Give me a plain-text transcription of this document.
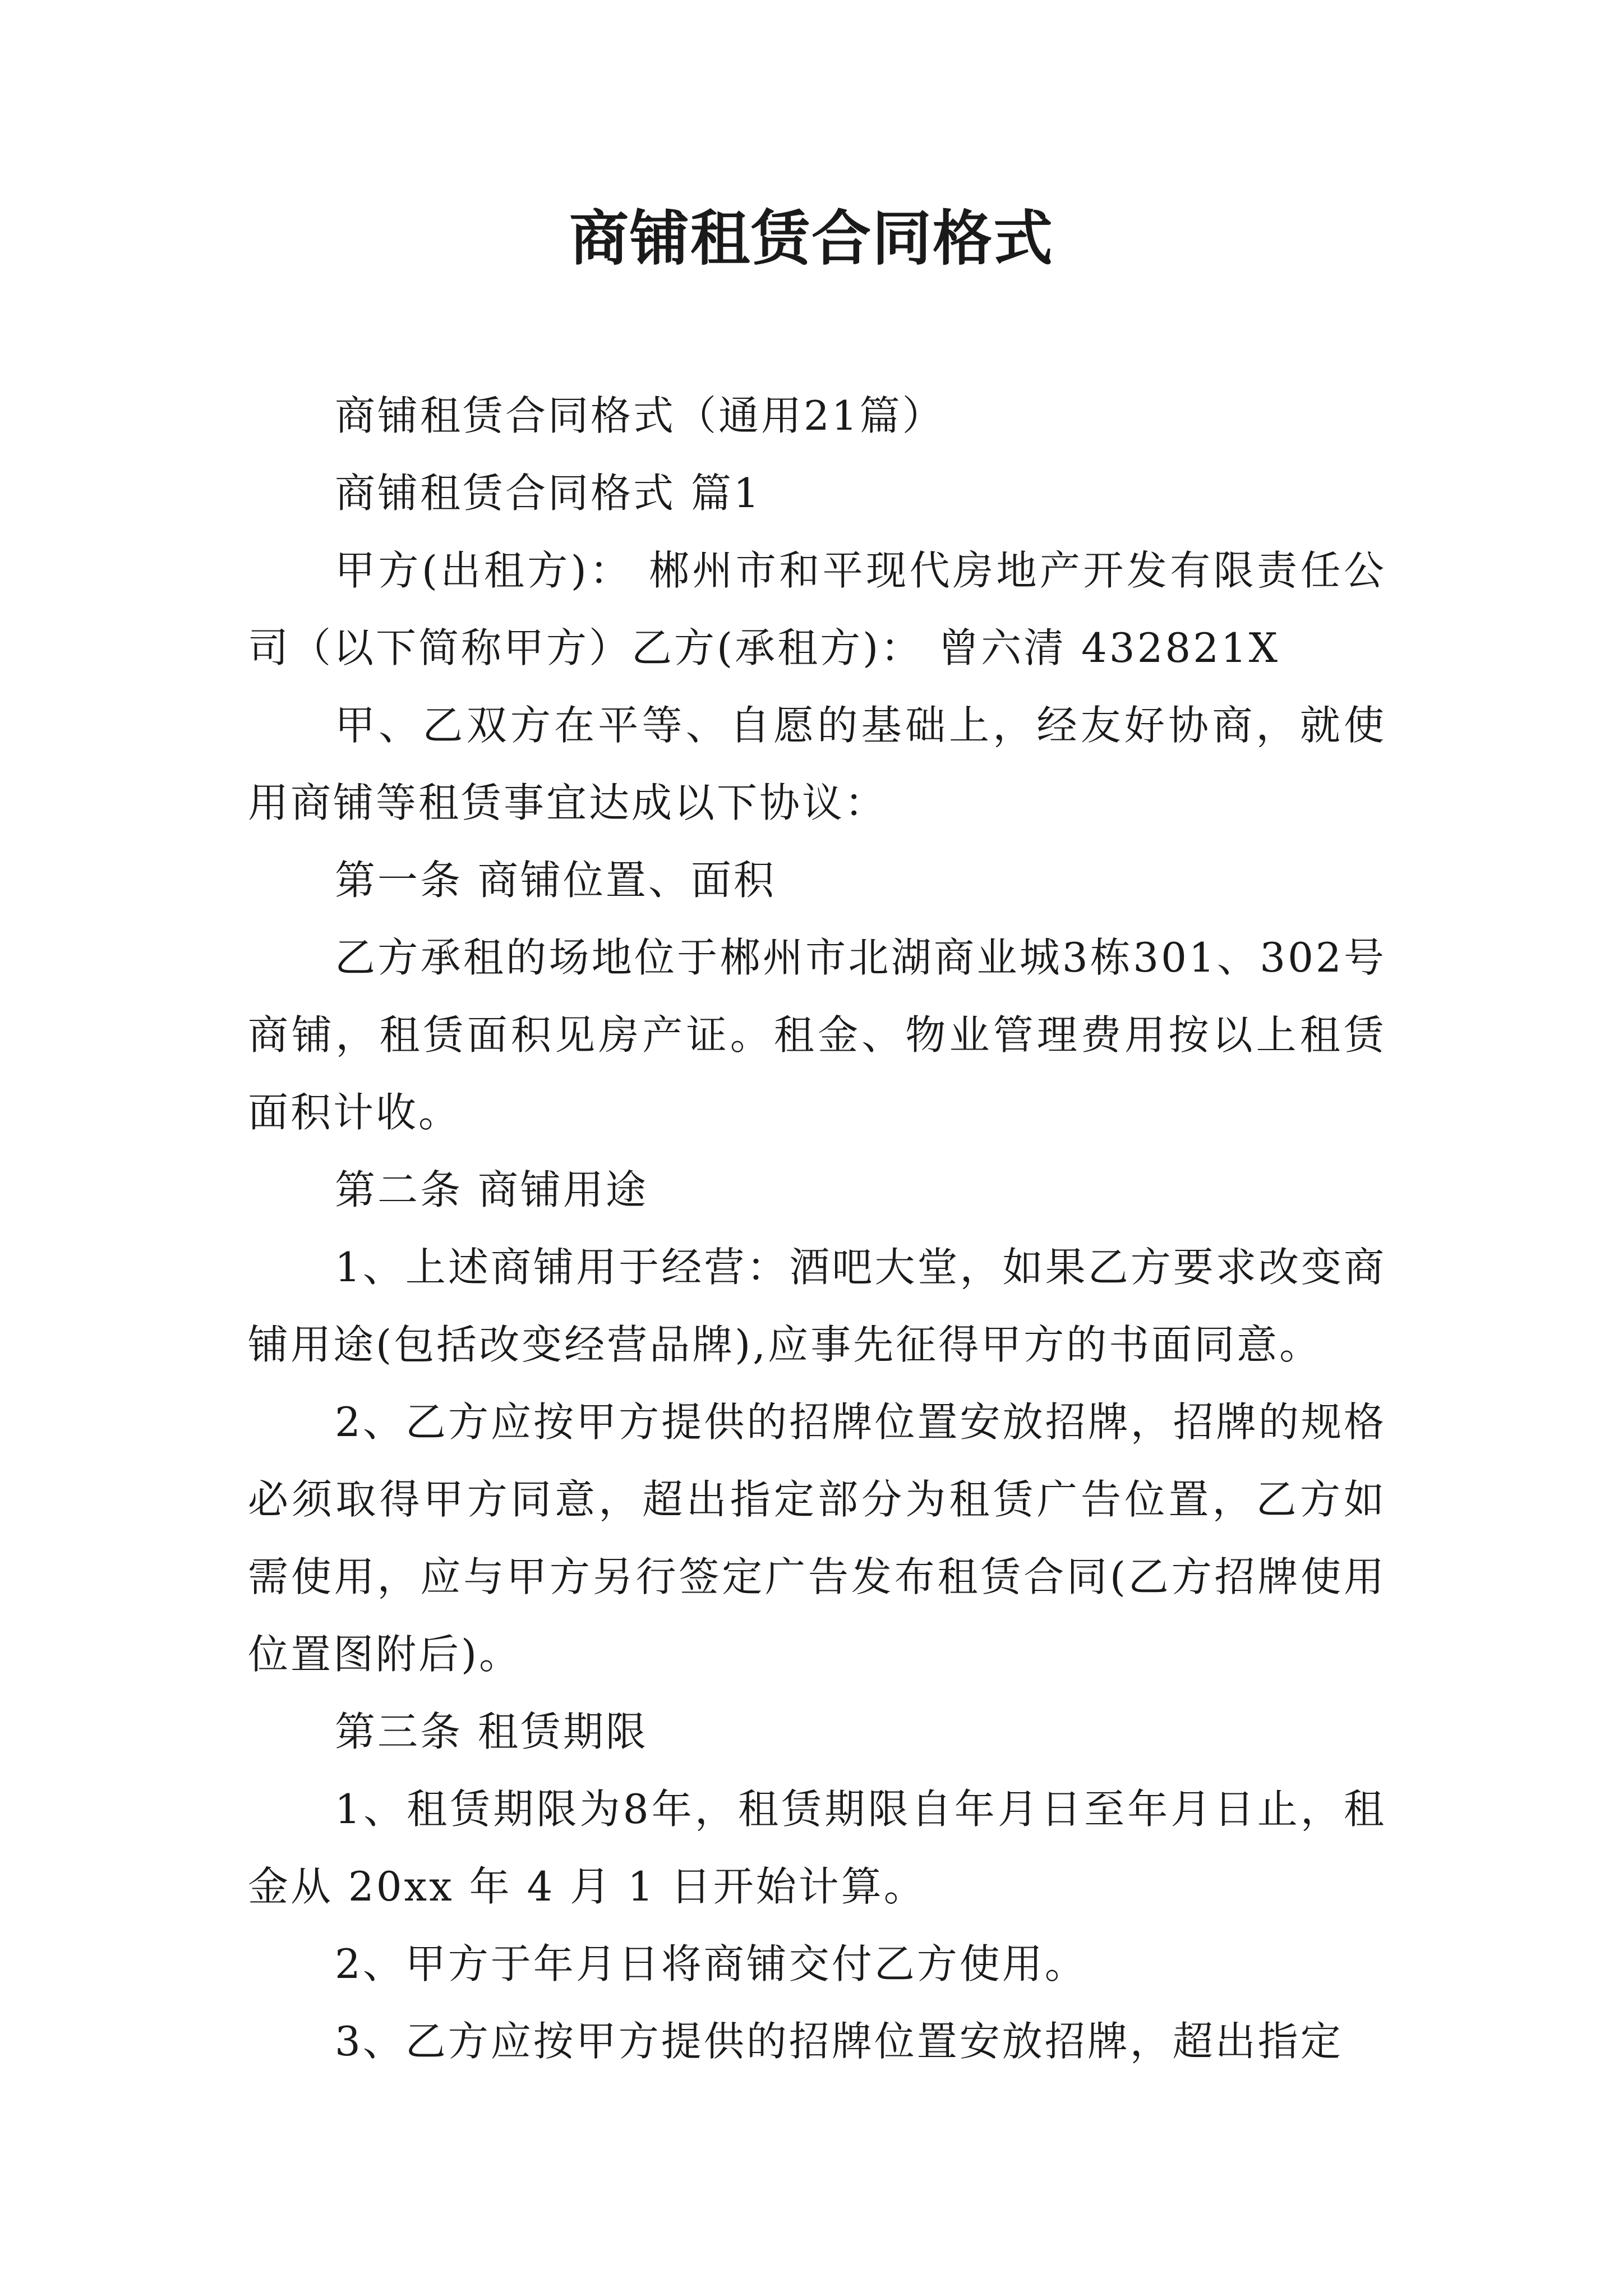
商铺租赁合同格式

商铺租赁合同格式（通用21篇）

商铺租赁合同格式 篇1

甲方(出租方)： 郴州市和平现代房地产开发有限责任公司（以下简称甲方）乙方(承租方)： 曾六清 432821X

甲、乙双方在平等、自愿的基础上，经友好协商，就使用商铺等租赁事宜达成以下协议：

第一条 商铺位置、面积

乙方承租的场地位于郴州市北湖商业城3栋301、302号商铺，租赁面积见房产证。租金、物业管理费用按以上租赁面积计收。

第二条 商铺用途

1、上述商铺用于经营：酒吧大堂，如果乙方要求改变商铺用途(包括改变经营品牌),应事先征得甲方的书面同意。

2、乙方应按甲方提供的招牌位置安放招牌，招牌的规格必须取得甲方同意，超出指定部分为租赁广告位置，乙方如需使用，应与甲方另行签定广告发布租赁合同(乙方招牌使用位置图附后)。

第三条 租赁期限

1、租赁期限为8年，租赁期限自年月日至年月日止，租金从 20xx 年 4 月 1 日开始计算。

2、甲方于年月日将商铺交付乙方使用。

3、乙方应按甲方提供的招牌位置安放招牌，超出指定
